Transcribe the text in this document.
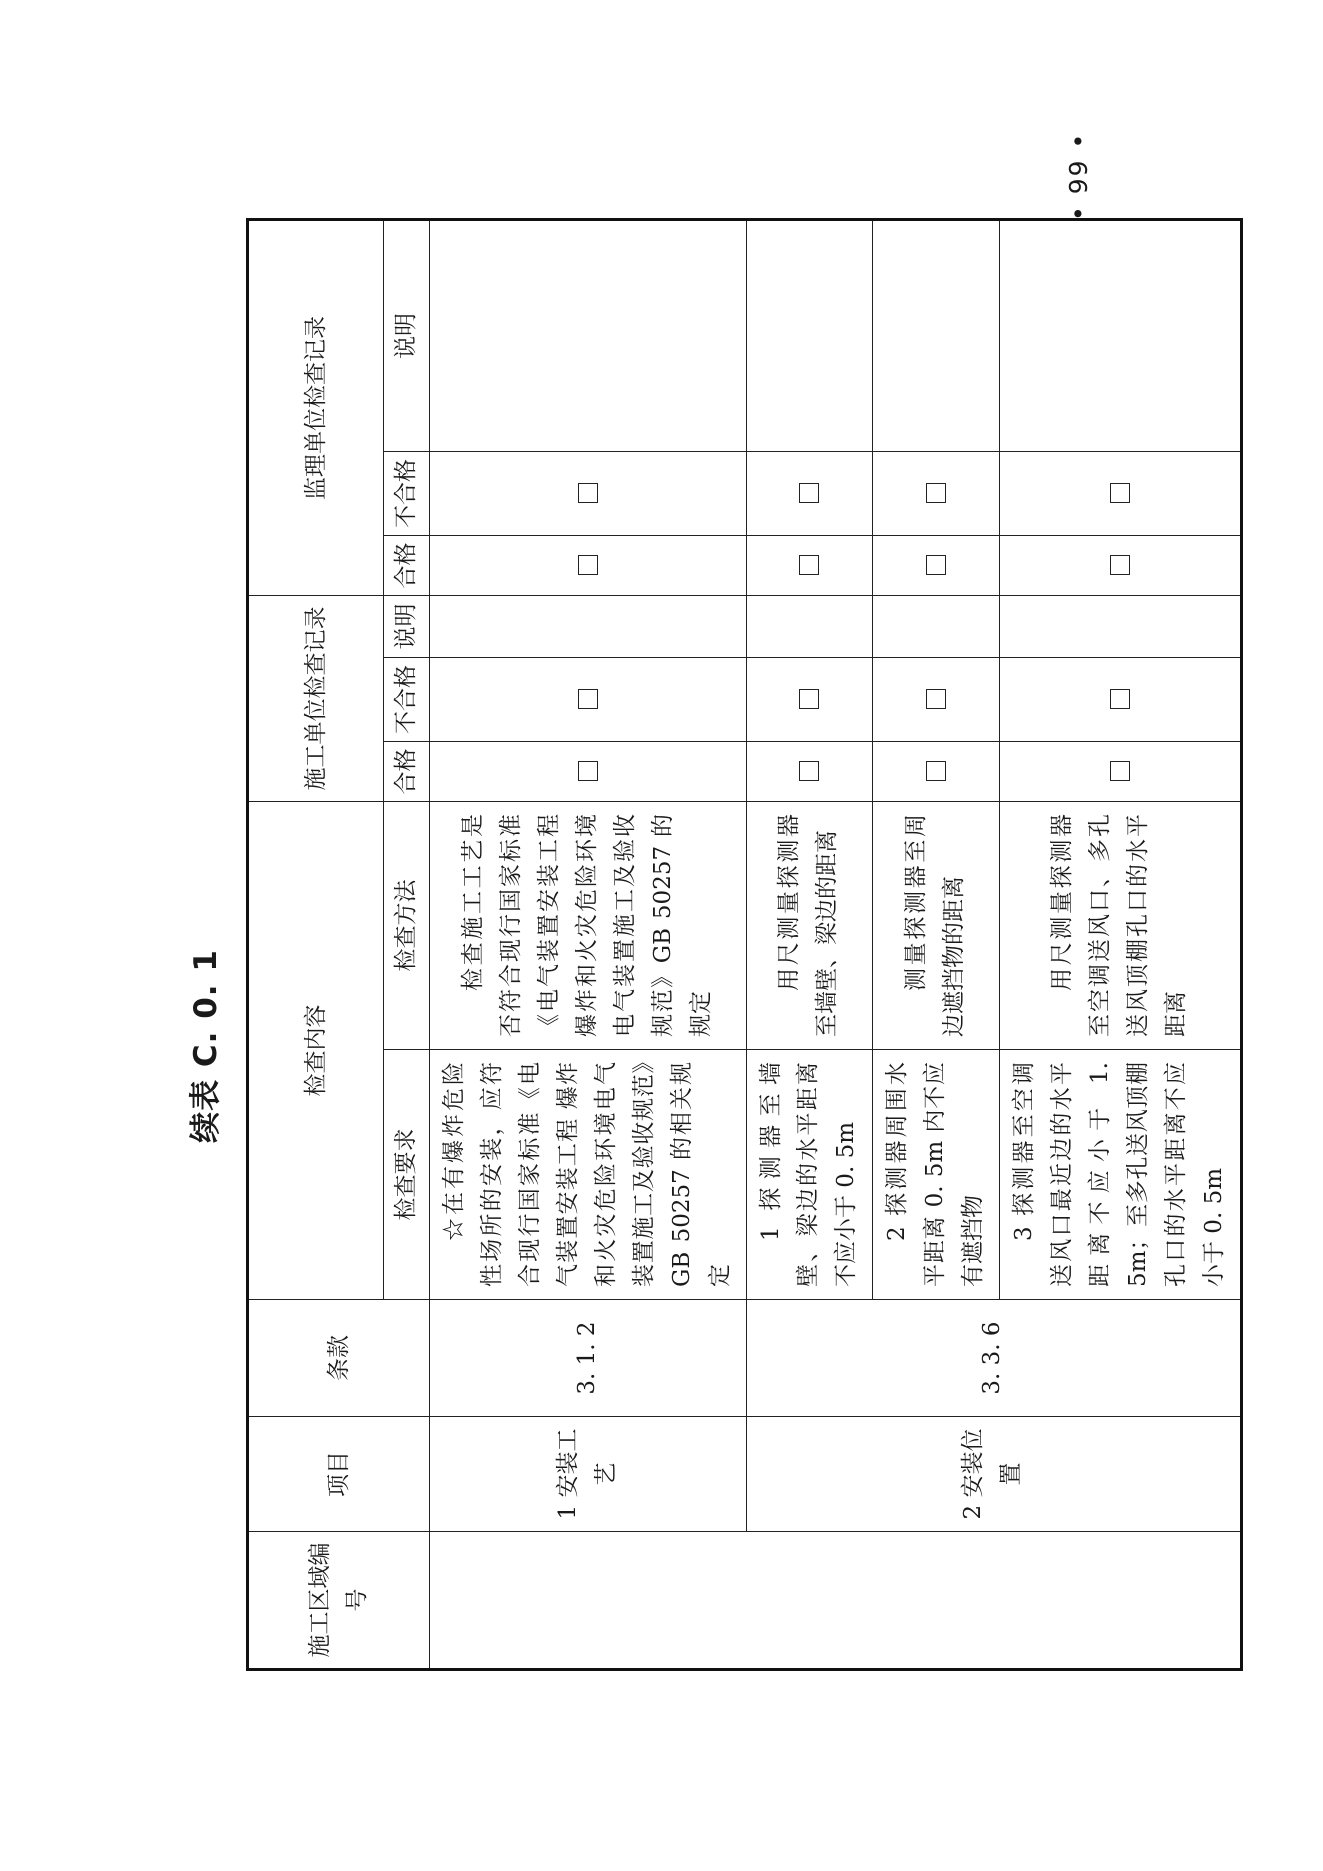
续表 C. 0. 1
施工区域编号	项目	条款	检查内容		施工单位检查记录			监理单位检查记录		
			检查要求	检查方法	合格	不合格	说明	合格	不合格	说明
	1 安装工艺	3. 1. 2	☆在有爆炸危险性场所的安装，应符合现行国家标准《电气装置安装工程 爆炸和火灾危险环境电气装置施工及验收规范》GB 50257 的相关规定	检查施工工艺是否符合现行国家标准《电气装置安装工程 爆炸和火灾危险环境电气装置施工及验收规范》GB 50257 的规定						
	2 安装位置	3. 3. 6	1 探测器至墙壁、梁边的水平距离不应小于 0. 5m	用尺测量探测器至墙壁、梁边的距离						
			2 探测器周围水平距离 0. 5m 内不应有遮挡物	测量探测器至周边遮挡物的距离						
			3 探测器至空调送风口最近边的水平距离不应小于 1. 5m；至多孔送风顶棚孔口的水平距离不应小于 0. 5m	用尺测量探测器至空调送风口、多孔送风顶棚孔口的水平距离						
• 99 •
